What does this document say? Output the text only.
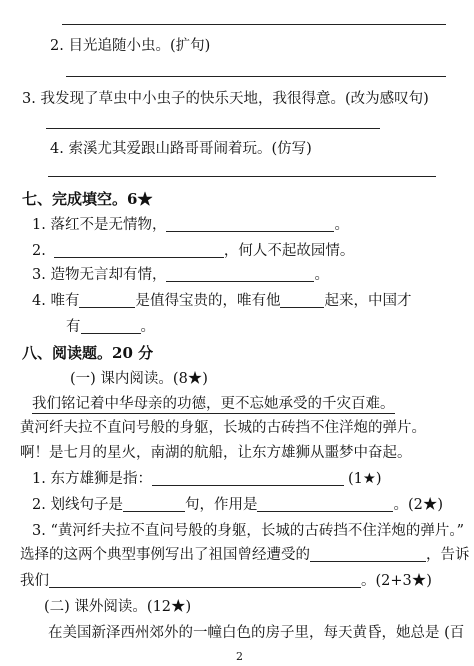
2. 目光追随小虫。(扩句)
3. 我发现了草虫中小虫子的快乐天地，我很得意。(改为感叹句)
4. 索溪尤其爱跟山路哥哥闹着玩。(仿写)
七、完成填空。6★
1. 落红不是无情物，	。
2.	，何人不起故园情。
3. 造物无言却有情，	。
4. 唯有	是值得宝贵的，唯有他	起来，中国才
有	。
八、阅读题。20 分
(一) 课内阅读。(8★)
我们铭记着中华母亲的功德，更不忘她承受的千灾百难。
黄河纤夫拉不直问号般的身躯，长城的古砖挡不住洋炮的弹片。
啊！是七月的星火，南湖的航船，让东方雄狮从噩梦中奋起。
1. 东方雄狮是指：	(1★)
2. 划线句子是	句，作用是	。(2★)
3. “黄河纤夫拉不直问号般的身躯，长城的古砖挡不住洋炮的弹片。”
选择的这两个典型事例写出了祖国曾经遭受的	，告诉
我们	。(2+3★)
(二) 课外阅读。(12★)
在美国新泽西州郊外的一幢白色的房子里，每天黄昏，她总是 (百
2
